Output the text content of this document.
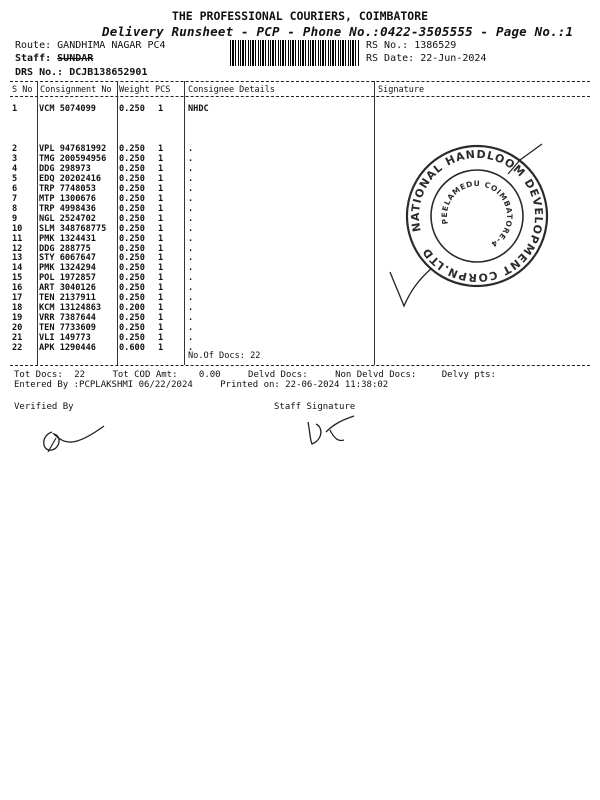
THE PROFESSIONAL COURIERS, COIMBATORE
Delivery Runsheet - PCP - Phone No.:0422-3505555 - Page No.:1
Route: GANDHIMA NAGAR PC4
Staff: SUNDAR
DRS No.: DCJB138652901
RS No.: 1386529
RS Date: 22-Jun-2024
S No Consignment No Weight PCS Consignee Details	Signature
1	VCM 5074099	0.250 1	NHDC
2	VPL 947681992 0.250 1	.
3	TMG 200594956 0.250 1	.
4	DDG 298973	0.250 1	.
5	EDQ 20202416 0.250 1	.
6	TRP 7748053	0.250 1	.
7	MTP 1300676	0.250 1	.
8	TRP 4998436	0.250 1	.
9	NGL 2524702	0.250 1	.
10 SLM 348768775 0.250 1	.
11 PMK 1324431	0.250 1	.
12 DDG 288775	0.250 1	.
13 STY 6067647	0.250 1	.
14 PMK 1324294	0.250 1	.
15 POL 1972857	0.250 1	.
16 ART 3040126	0.250 1	.
17 TEN 2137911	0.250 1	.
18 KCM 13124863 0.200 1	.
19 VRR 7387644	0.250 1	.
20 TEN 7733609	0.250 1	.
21 VLI 149773	0.250 1	.
22 APK 1290446	0.600 1	.
No.Of Docs: 22
Tot Docs: 22	Tot COD Amt: 0.00	Delvd Docs:	Non Delvd Docs:	Delvy pts:
Entered By :PCPLAKSHMI 06/22/2024	Printed on: 22-06-2024 11:38:02
Verified By	Staff Signature
NATIONAL HANDLOOM DEVELOPMENT CORPN.LTD
PEELAMEDU COIMBATORE-4
